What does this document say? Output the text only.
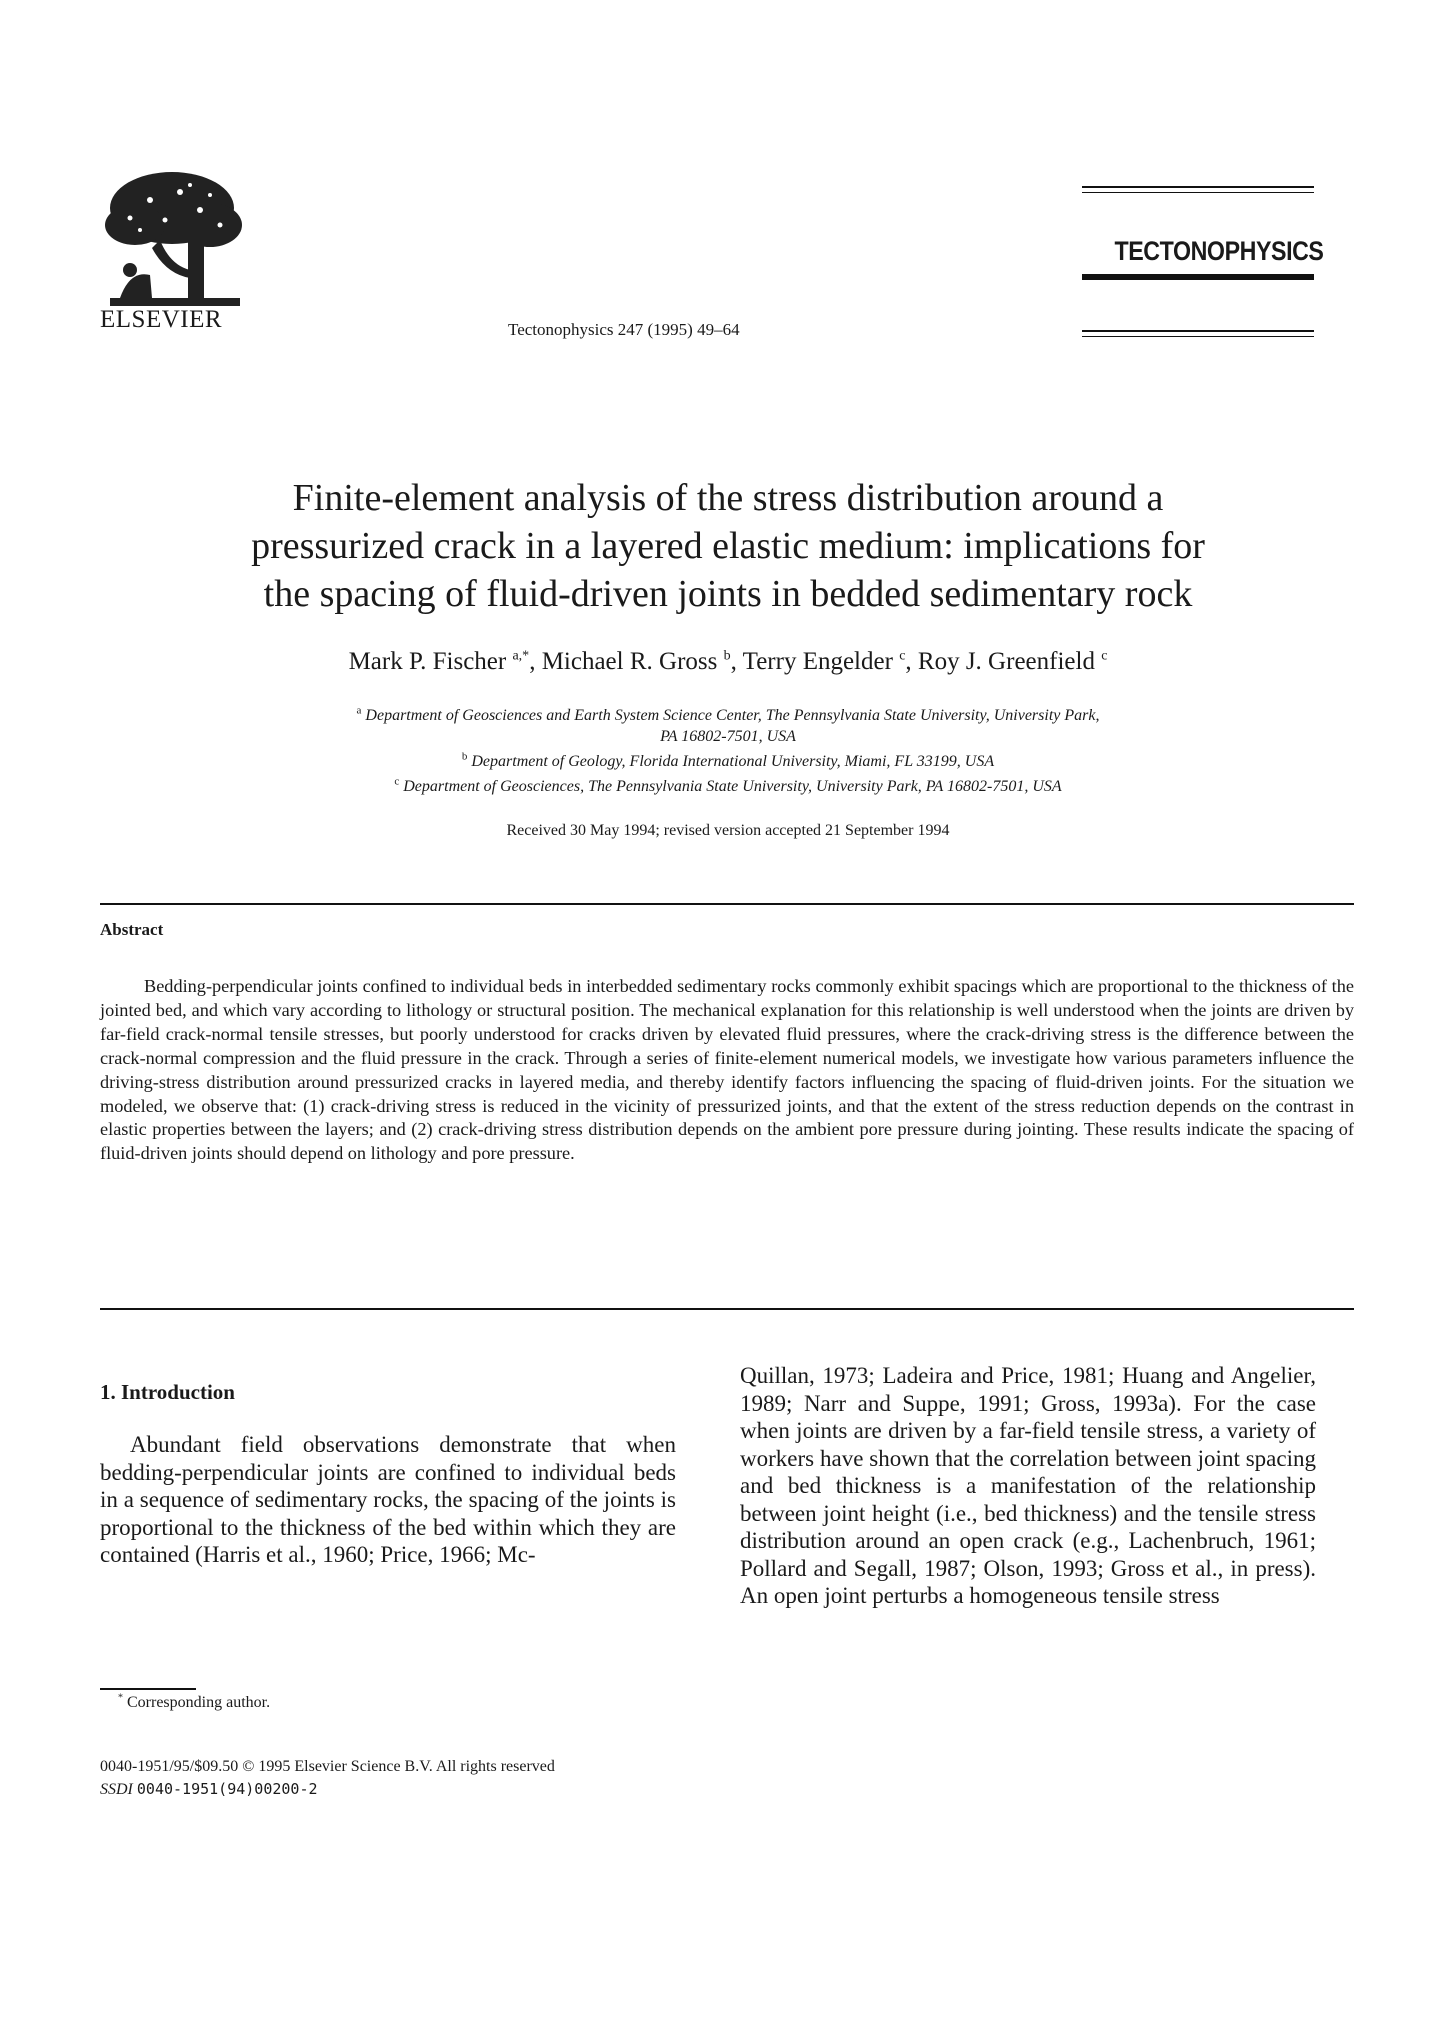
ELSEVIER	Tectonophysics 247 (1995) 49–64
TECTONOPHYSICS
Finite-element analysis of the stress distribution around a
pressurized crack in a layered elastic medium: implications for
the spacing of fluid-driven joints in bedded sedimentary rock
Mark P. Fischer $^{a,*}$, Michael R. Gross $^b$, Terry Engelder $^c$, Roy J. Greenfield $^c$
$^a$ Department of Geosciences and Earth System Science Center, The Pennsylvania State University, University Park,
PA 16802-7501, USA
$^b$ Department of Geology, Florida International University, Miami, FL 33199, USA
$^c$ Department of Geosciences, The Pennsylvania State University, University Park, PA 16802-7501, USA
Received 30 May 1994; revised version accepted 21 September 1994
Abstract

Bedding-perpendicular joints confined to individual beds in interbedded sedimentary rocks commonly exhibit spacings which are proportional to the thickness of the jointed bed, and which vary according to lithology or structural position. The mechanical explanation for this relationship is well understood when the joints are driven by far-field crack-normal tensile stresses, but poorly understood for cracks driven by elevated fluid pressures, where the crack-driving stress is the difference between the crack-normal compression and the fluid pressure in the crack. Through a series of finite-element numerical models, we investigate how various parameters influence the driving-stress distribution around pressurized cracks in layered media, and thereby identify factors influencing the spacing of fluid-driven joints. For the situation we modeled, we observe that: (1) crack-driving stress is reduced in the vicinity of pressurized joints, and that the extent of the stress reduction depends on the contrast in elastic properties between the layers; and (2) crack-driving stress distribution depends on the ambient pore pressure during jointing. These results indicate the spacing of fluid-driven joints should depend on lithology and pore pressure.

1. Introduction

Abundant field observations demonstrate that when bedding-perpendicular joints are confined to individual beds in a sequence of sedimentary rocks, the spacing of the joints is proportional to the thickness of the bed within which they are contained (Harris et al., 1960; Price, 1966; Mc-

Quillan, 1973; Ladeira and Price, 1981; Huang and Angelier, 1989; Narr and Suppe, 1991; Gross, 1993a). For the case when joints are driven by a far-field tensile stress, a variety of workers have shown that the correlation between joint spacing and bed thickness is a manifestation of the relationship between joint height (i.e., bed thickness) and the tensile stress distribution around an open crack (e.g., Lachenbruch, 1961; Pollard and Segall, 1987; Olson, 1993; Gross et al., in press). An open joint perturbs a homogeneous tensile stress

* Corresponding author.
0040-1951/95/$09.50 © 1995 Elsevier Science B.V. All rights reserved
SSDI 0040-1951(94)00200-2
